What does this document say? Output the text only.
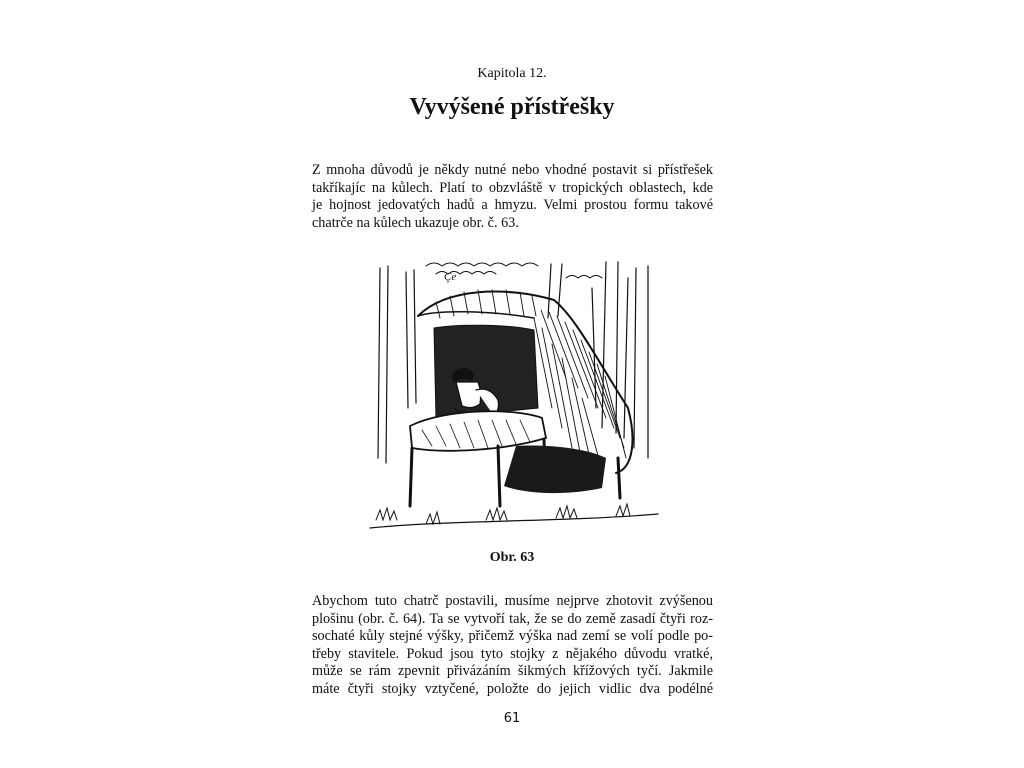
Kapitola 12.
Vyvýšené přístřešky

Z mnoha důvodů je někdy nutné nebo vhodné postavit si přístřešek
takříkajíc na kůlech. Platí to obzvláště v tropických oblastech, kde
je hojnost jedovatých hadů a hmyzu. Velmi prostou formu takové
chatrče na kůlech ukazuje obr. č. 63.

Çe
Obr. 63

Abychom tuto chatrč postavili, musíme nejprve zhotovit zvýšenou
plošinu (obr. č. 64). Ta se vytvoří tak, že se do země zasadí čtyři roz-
sochaté kůly stejné výšky, přičemž výška nad zemí se volí podle po-
třeby stavitele. Pokud jsou tyto stojky z nějakého důvodu vratké,
může se rám zpevnit přivázáním šikmých křížových tyčí. Jakmile
máte čtyři stojky vztyčené, položte do jejich vidlic dva podélné

61
